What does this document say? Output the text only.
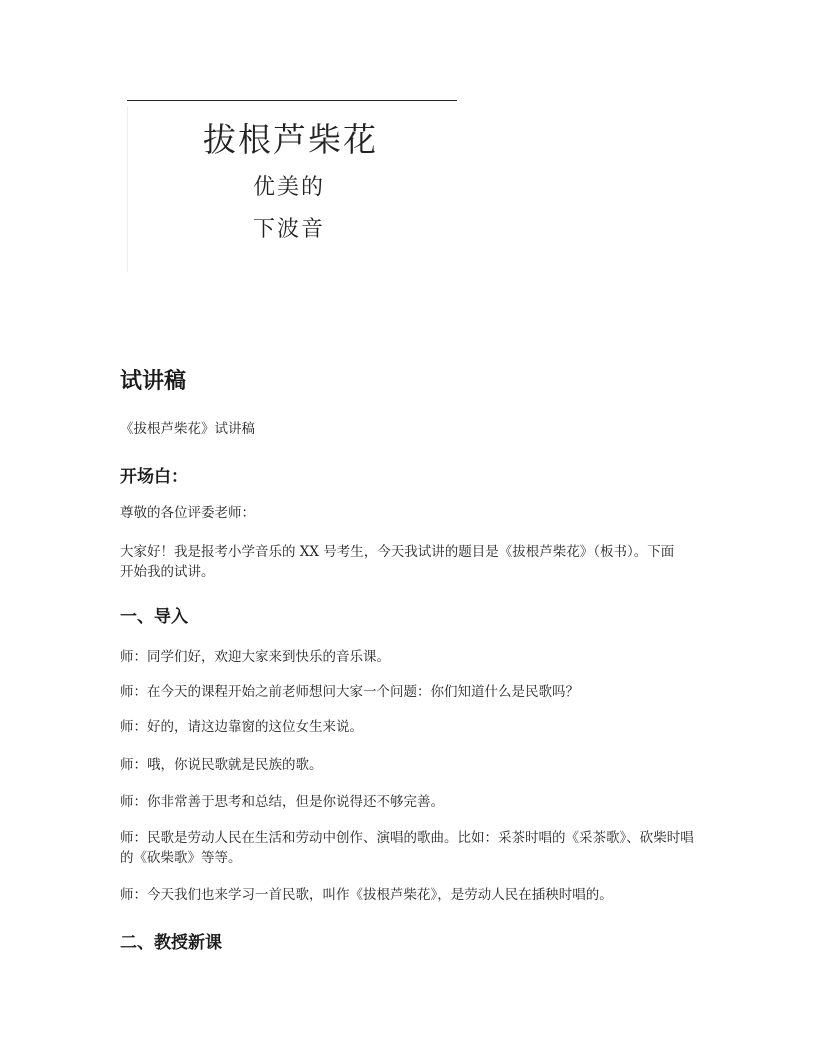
拔根芦柴花
优美的
下波音
试讲稿
《拔根芦柴花》试讲稿
开场白：
尊敬的各位评委老师：
大家好！我是报考小学音乐的 XX 号考生，今天我试讲的题目是《拔根芦柴花》（板书）。下面开始我的试讲。
一、导入
师：同学们好，欢迎大家来到快乐的音乐课。
师：在今天的课程开始之前老师想问大家一个问题：你们知道什么是民歌吗？
师：好的，请这边靠窗的这位女生来说。
师：哦，你说民歌就是民族的歌。
师：你非常善于思考和总结，但是你说得还不够完善。
师：民歌是劳动人民在生活和劳动中创作、演唱的歌曲。比如：采茶时唱的《采茶歌》、砍柴时唱的《砍柴歌》等等。
师：今天我们也来学习一首民歌，叫作《拔根芦柴花》，是劳动人民在插秧时唱的。
二、教授新课
